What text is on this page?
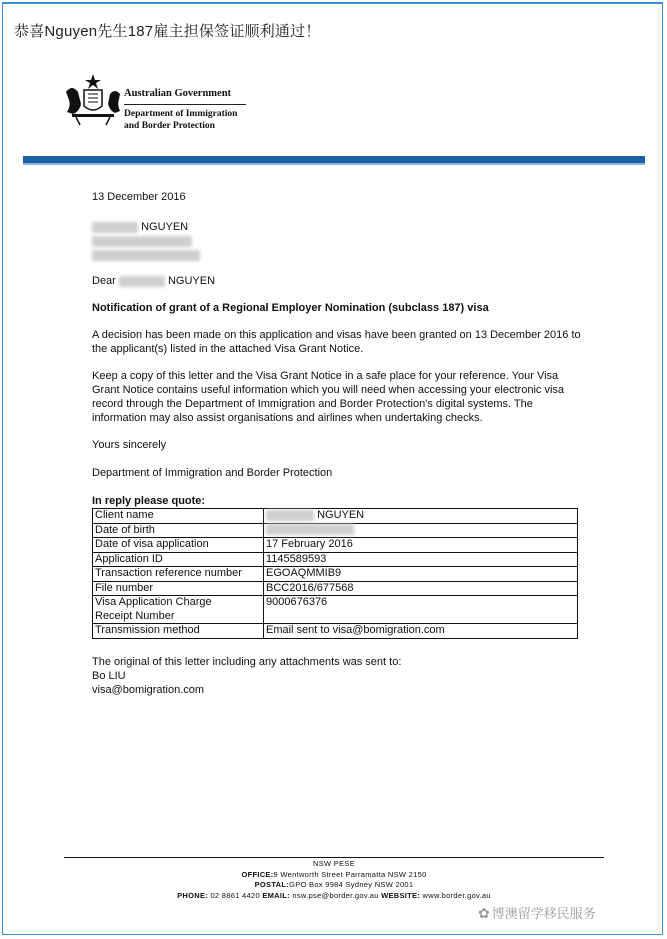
恭喜Nguyen先生187雇主担保签证顺利通过！
Australian Government
Department of Immigration
and Border Protection

13 December 2016

NGUYEN

Dear	NGUYEN

Notification of grant of a Regional Employer Nomination (subclass 187) visa

A decision has been made on this application and visas have been granted on 13 December 2016 to the applicant(s) listed in the attached Visa Grant Notice.

Keep a copy of this letter and the Visa Grant Notice in a safe place for your reference. Your Visa Grant Notice contains useful information which you will need when accessing your electronic visa record through the Department of Immigration and Border Protection's digital systems. The information may also assist organisations and airlines when undertaking checks.

Yours sincerely

Department of Immigration and Border Protection

In reply please quote:

Client name	NGUYEN
Date of birth	
Date of visa application	17 February 2016
Application ID	1145589593
Transaction reference number	EGOAQMMIB9
File number	BCC2016/677568

Visa Application Charge
Receipt Number	9000676376
Transmission method	Email sent to visa@bomigration.com

The original of this letter including any attachments was sent to:

Bo LIU

visa@bomigration.com

NSW PESE
OFFICE:9 Wentworth Street Parramatta NSW 2150
POSTAL:GPO Box 9984 Sydney NSW 2001
PHONE: 02 8861 4420 EMAIL: nsw.pse@border.gov.au WEBSITE: www.border.gov.au
✿ 博澳留学移民服务
